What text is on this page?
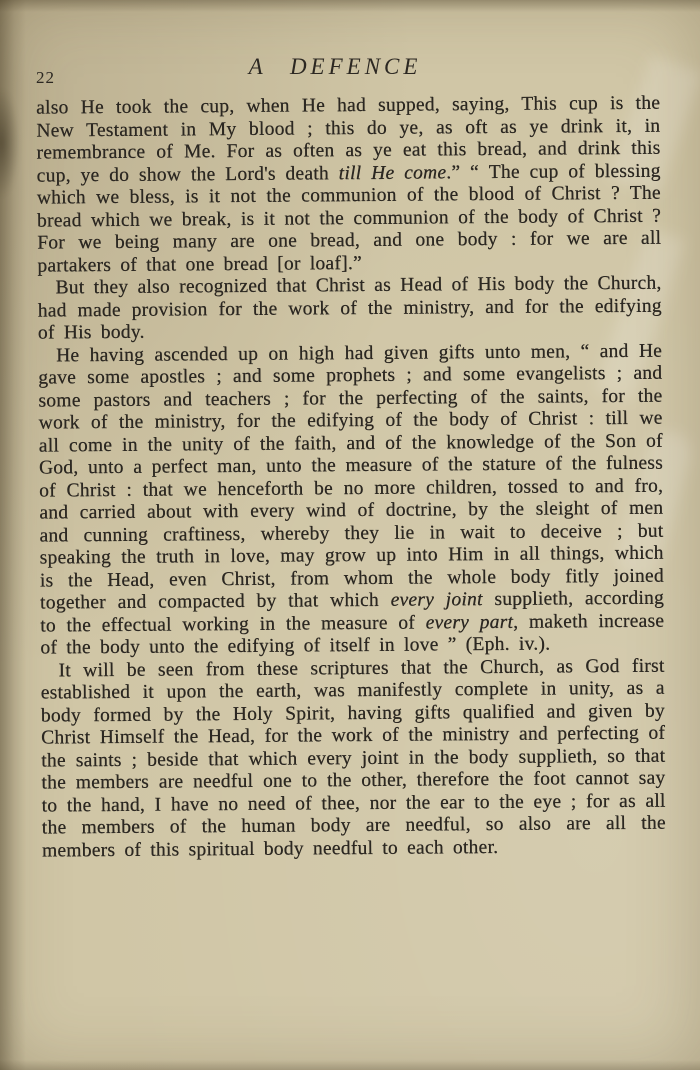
22	A DEFENCE

also He took the cup, when He had supped, saying, This cup is the New Testament in My blood ; this do ye, as oft as ye drink it, in remembrance of Me. For as often as ye eat this bread, and drink this cup, ye do show the Lord's death till He come.” “ The cup of blessing which we bless, is it not the communion of the blood of Christ ? The bread which we break, is it not the communion of the body of Christ ? For we being many are one bread, and one body : for we are all partakers of that one bread [or loaf].”

But they also recognized that Christ as Head of His body the Church, had made provision for the work of the ministry, and for the edifying of His body.

He having ascended up on high had given gifts unto men, “ and He gave some apostles ; and some prophets ; and some evangelists ; and some pastors and teachers ; for the perfecting of the saints, for the work of the ministry, for the edifying of the body of Christ : till we all come in the unity of the faith, and of the knowledge of the Son of God, unto a perfect man, unto the measure of the stature of the fulness of Christ : that we henceforth be no more children, tossed to and fro, and carried about with every wind of doctrine, by the sleight of men and cunning craftiness, whereby they lie in wait to deceive ; but speaking the truth in love, may grow up into Him in all things, which is the Head, even Christ, from whom the whole body fitly joined together and compacted by that which every joint supplieth, according to the effectual working in the measure of every part, maketh increase of the body unto the edifying of itself in love ” (Eph. iv.).

It will be seen from these scriptures that the Church, as God first established it upon the earth, was manifestly complete in unity, as a body formed by the Holy Spirit, having gifts qualified and given by Christ Himself the Head, for the work of the ministry and perfecting of the saints ; beside that which every joint in the body supplieth, so that the members are needful one to the other, therefore the foot cannot say to the hand, I have no need of thee, nor the ear to the eye ; for as all the members of the human body are needful, so also are all the members of this spiritual body needful to each other.
